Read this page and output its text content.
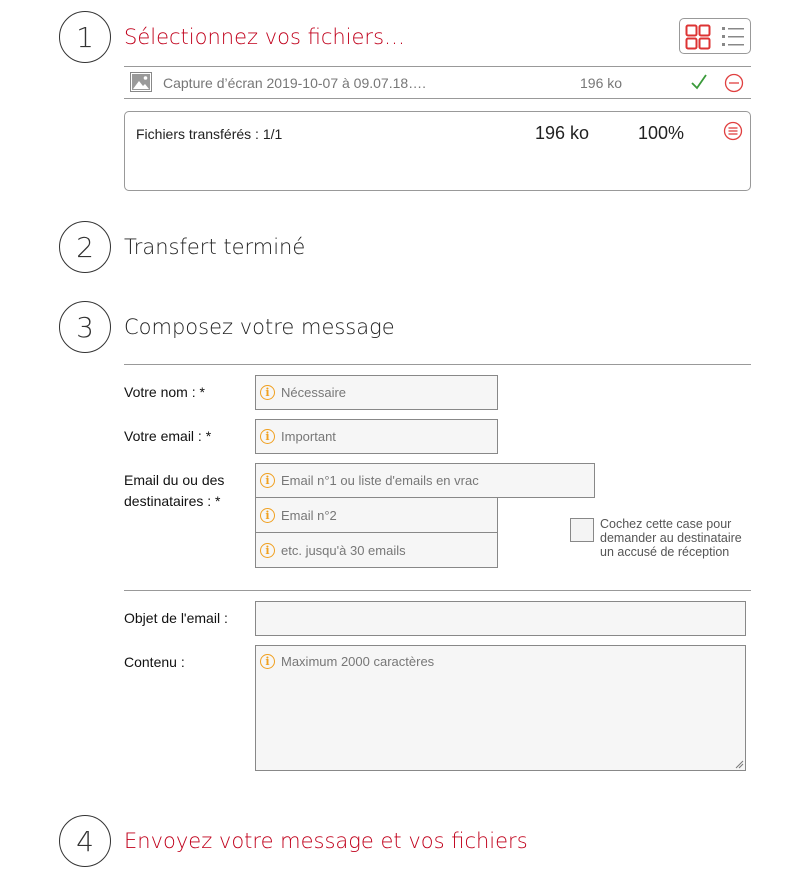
1 Sélectionnez vos fichiers…
Capture d’écran 2019-10-07 à 09.07.18….	196 ko
Fichiers transférés : 1/1	196 ko	100%
2 Transfert terminé
3 Composez votre message
Votre nom : *	i Nécessaire
Votre email : *	i Important
Email du ou des
destinataires : *
i Email n°1 ou liste d'emails en vrac
i Email n°2
i etc. jusqu'à 30 emails
Cochez cette case pour
demander au destinataire
un accusé de réception
Objet de l'email :
Contenu :	i Maximum 2000 caractères
4 Envoyez votre message et vos fichiers
